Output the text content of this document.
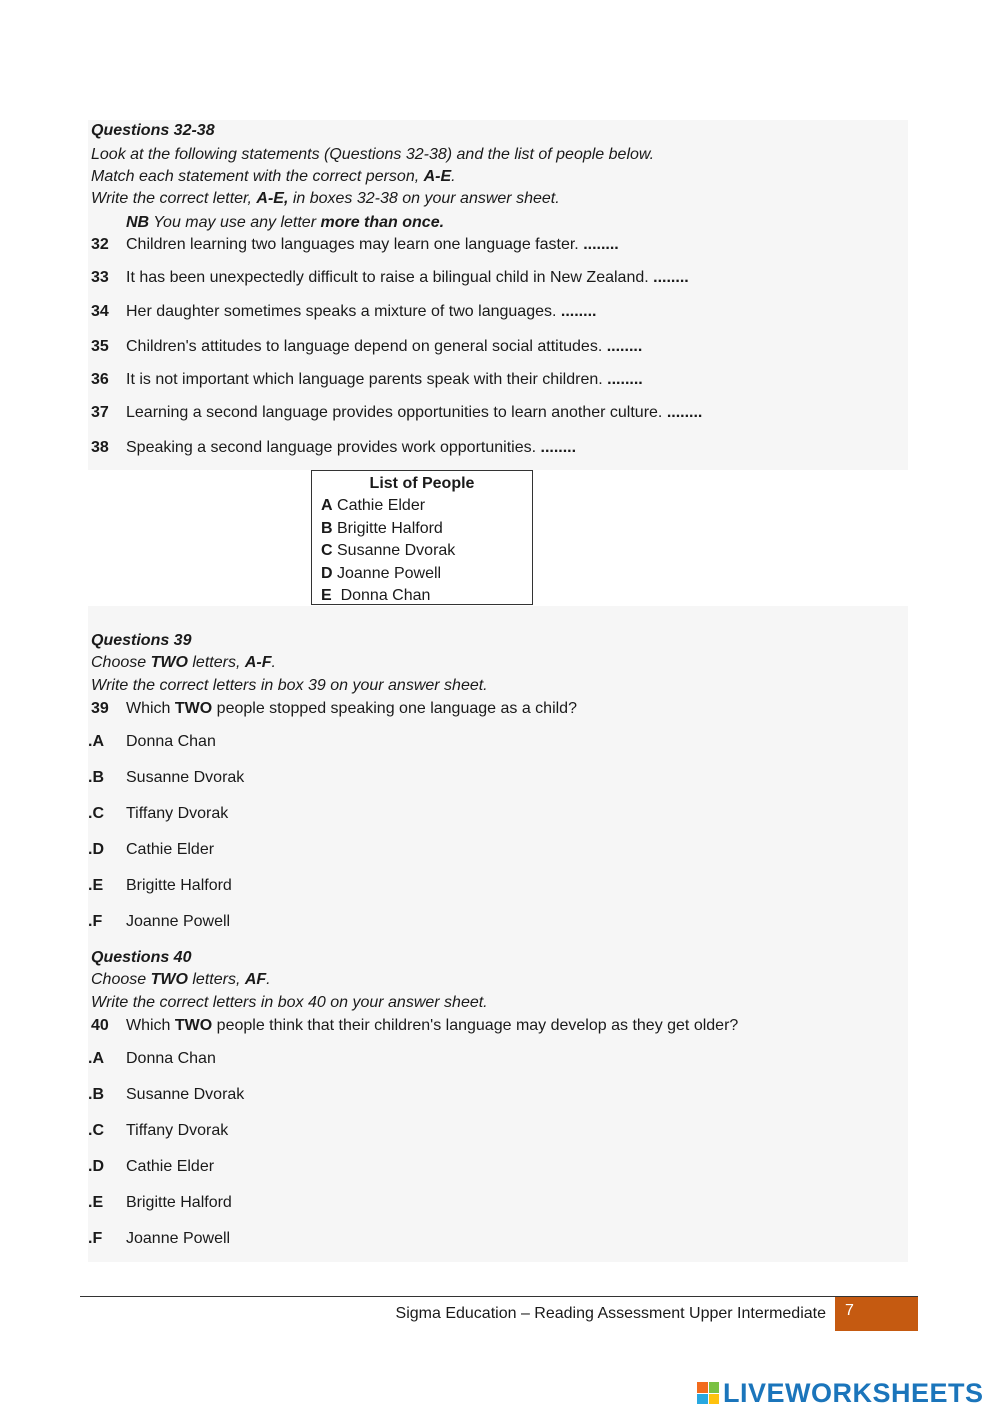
Questions 32-38
Look at the following statements (Questions 32-38) and the list of people below.
Match each statement with the correct person, A-E.
Write the correct letter, A-E, in boxes 32-38 on your answer sheet.
NB You may use any letter more than once.
32 Children learning two languages may learn one language faster. ........
33 It has been unexpectedly difficult to raise a bilingual child in New Zealand. ........
34 Her daughter sometimes speaks a mixture of two languages. ........
35 Children's attitudes to language depend on general social attitudes. ........
36 It is not important which language parents speak with their children. ........
37 Learning a second language provides opportunities to learn another culture. ........
38 Speaking a second language provides work opportunities. ........
List of People
A Cathie Elder
B Brigitte Halford
C Susanne Dvorak
D Joanne Powell
E  Donna Chan
Questions 39
Choose TWO letters, A-F.
Write the correct letters in box 39 on your answer sheet.
39 Which TWO people stopped speaking one language as a child?
.A Donna Chan
.B Susanne Dvorak
.C Tiffany Dvorak
.D Cathie Elder
.E Brigitte Halford
.F Joanne Powell
Questions 40
Choose TWO letters, AF.
Write the correct letters in box 40 on your answer sheet.
40 Which TWO people think that their children's language may develop as they get older?
.A Donna Chan
.B Susanne Dvorak
.C Tiffany Dvorak
.D Cathie Elder
.E Brigitte Halford
.F Joanne Powell
Sigma Education – Reading Assessment Upper Intermediate	7
LIVEWORKSHEETS
